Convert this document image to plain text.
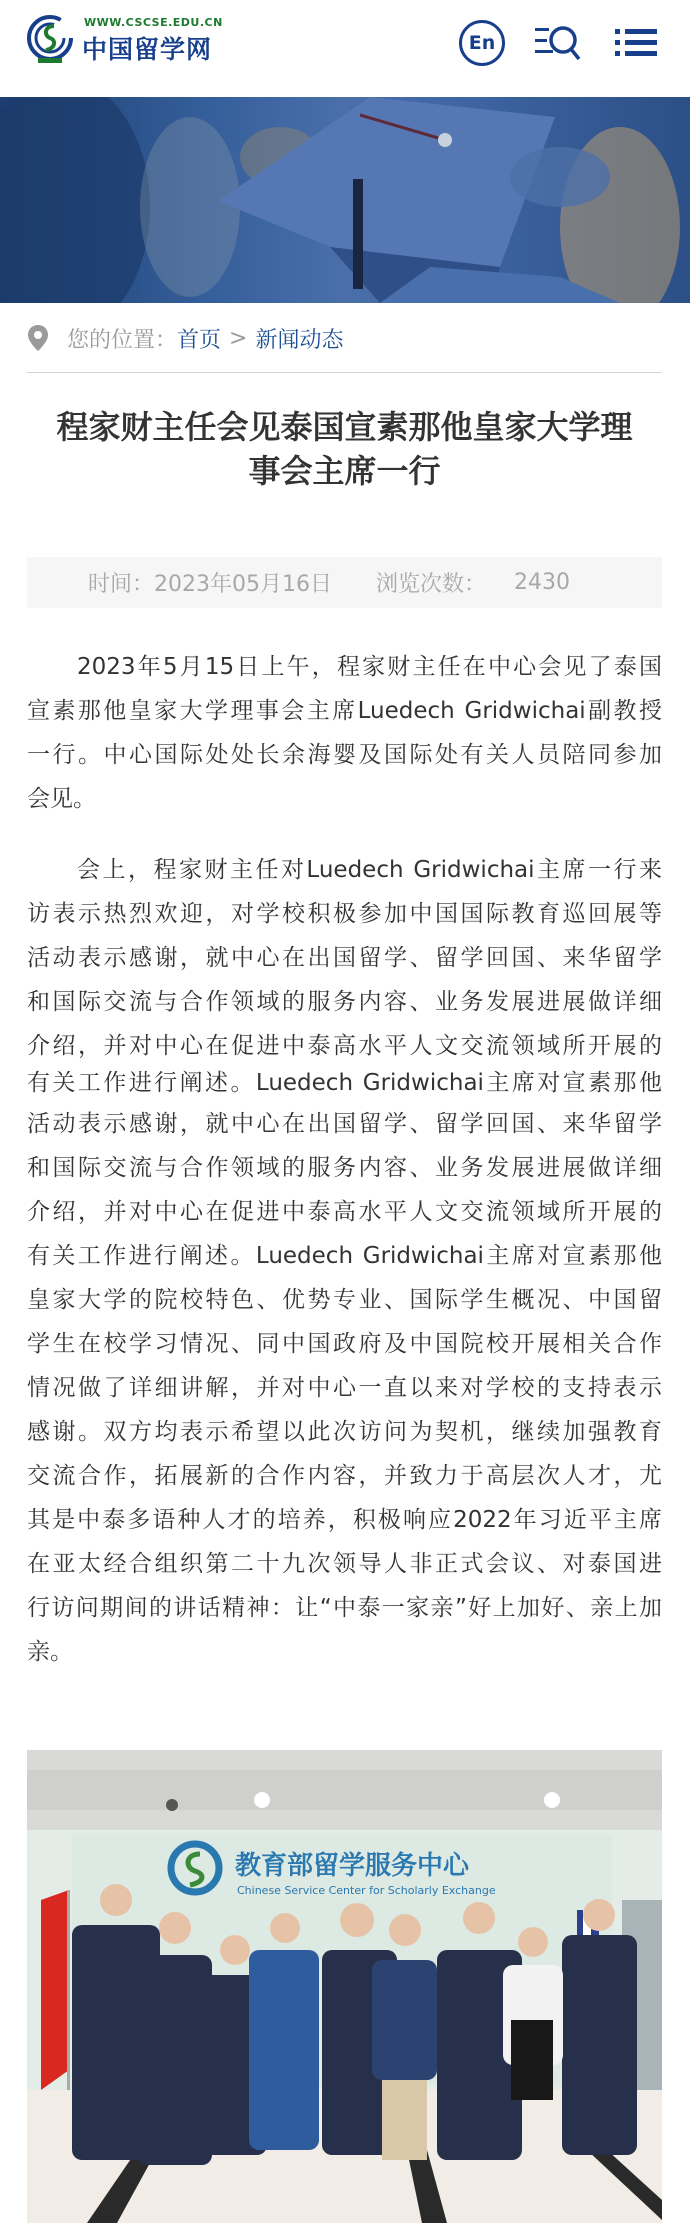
WWW.CSCSE.EDU.CN
中国留学网	En
您的位置： 首页 > 新闻动态
程家财主任会见泰国宣素那他皇家大学理
事会主席一行
时间： 2023年05月16日 浏览次数： 2430
2023年5月15日上午，程家财主任在中心会见了泰国
宣素那他皇家大学理事会主席Luedech Gridwichai副教授
一行。中心国际处处长余海婴及国际处有关人员陪同参加
会见。
会上，程家财主任对Luedech Gridwichai主席一行来
访表示热烈欢迎，对学校积极参加中国国际教育巡回展等
活动表示感谢，就中心在出国留学、留学回国、来华留学
和国际交流与合作领域的服务内容、业务发展进展做详细
介绍，并对中心在促进中泰高水平人文交流领域所开展的
有关工作进行阐述。Luedech Gridwichai主席对宣素那他
活动表示感谢，就中心在出国留学、留学回国、来华留学
和国际交流与合作领域的服务内容、业务发展进展做详细
介绍，并对中心在促进中泰高水平人文交流领域所开展的
有关工作进行阐述。Luedech Gridwichai主席对宣素那他
皇家大学的院校特色、优势专业、国际学生概况、中国留
学生在校学习情况、同中国政府及中国院校开展相关合作
情况做了详细讲解，并对中心一直以来对学校的支持表示
感谢。双方均表示希望以此次访问为契机，继续加强教育
交流合作，拓展新的合作内容，并致力于高层次人才，尤
其是中泰多语种人才的培养，积极响应2022年习近平主席
在亚太经合组织第二十九次领导人非正式会议、对泰国进
行访问期间的讲话精神：让“中泰一家亲”好上加好、亲上加
亲。
教育部留学服务中心
Chinese Service Center for Scholarly Exchange
